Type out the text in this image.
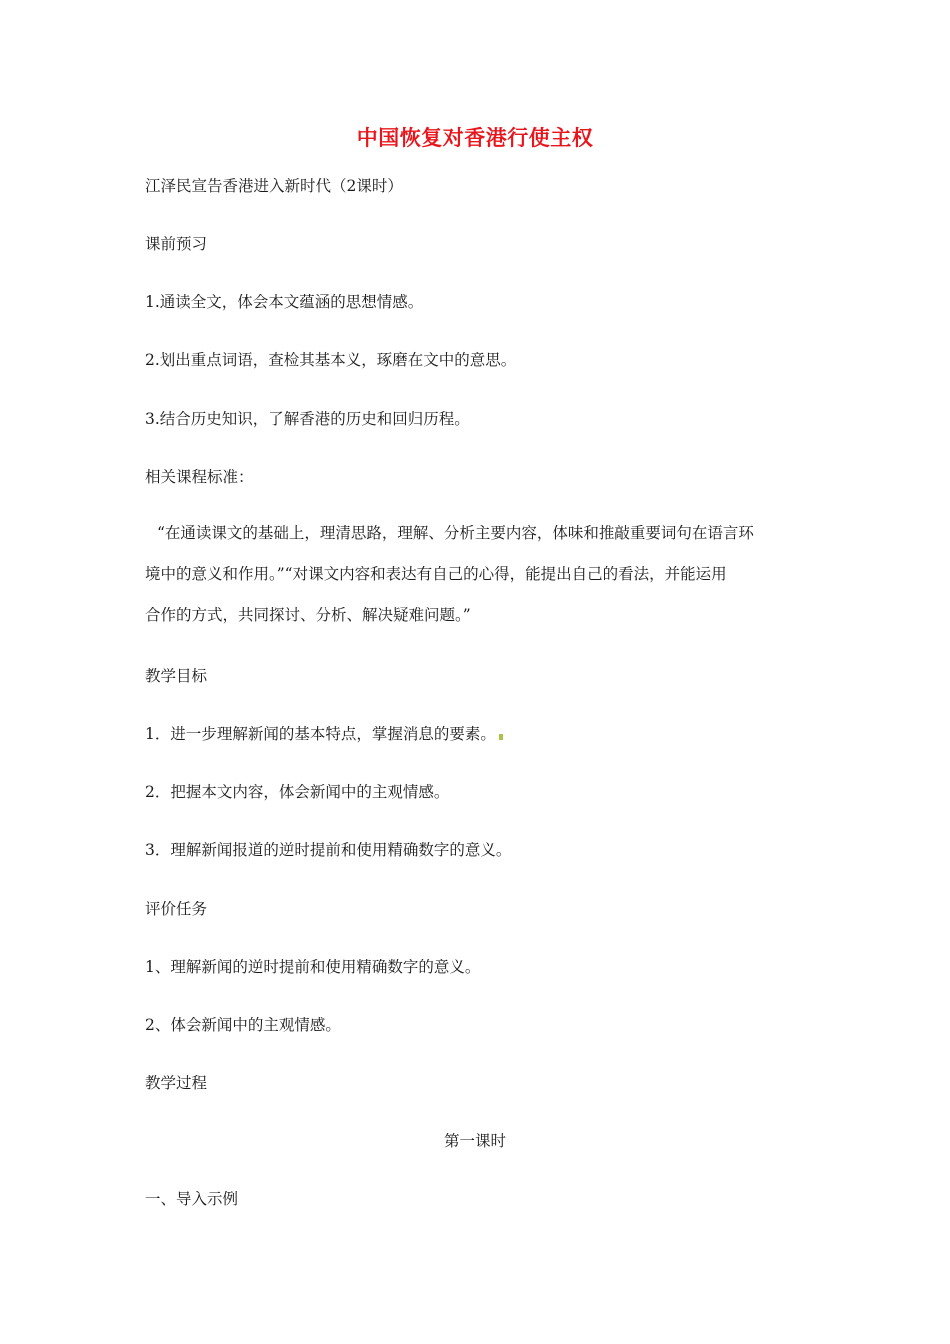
中国恢复对香港行使主权
江泽民宣告香港进入新时代（2课时）
课前预习
1.通读全文，体会本文蕴涵的思想情感。
2.划出重点词语，查检其基本义，琢磨在文中的意思。
3.结合历史知识，了解香港的历史和回归历程。
相关课程标准：
“在通读课文的基础上，理清思路，理解、分析主要内容，体味和推敲重要词句在语言环
境中的意义和作用。”“对课文内容和表达有自己的心得，能提出自己的看法，并能运用
合作的方式，共同探讨、分析、解决疑难问题。”
教学目标
1．进一步理解新闻的基本特点，掌握消息的要素。
2．把握本文内容，体会新闻中的主观情感。
3．理解新闻报道的逆时提前和使用精确数字的意义。
评价任务
1、理解新闻的逆时提前和使用精确数字的意义。
2、体会新闻中的主观情感。
教学过程
第一课时
一、导入示例
